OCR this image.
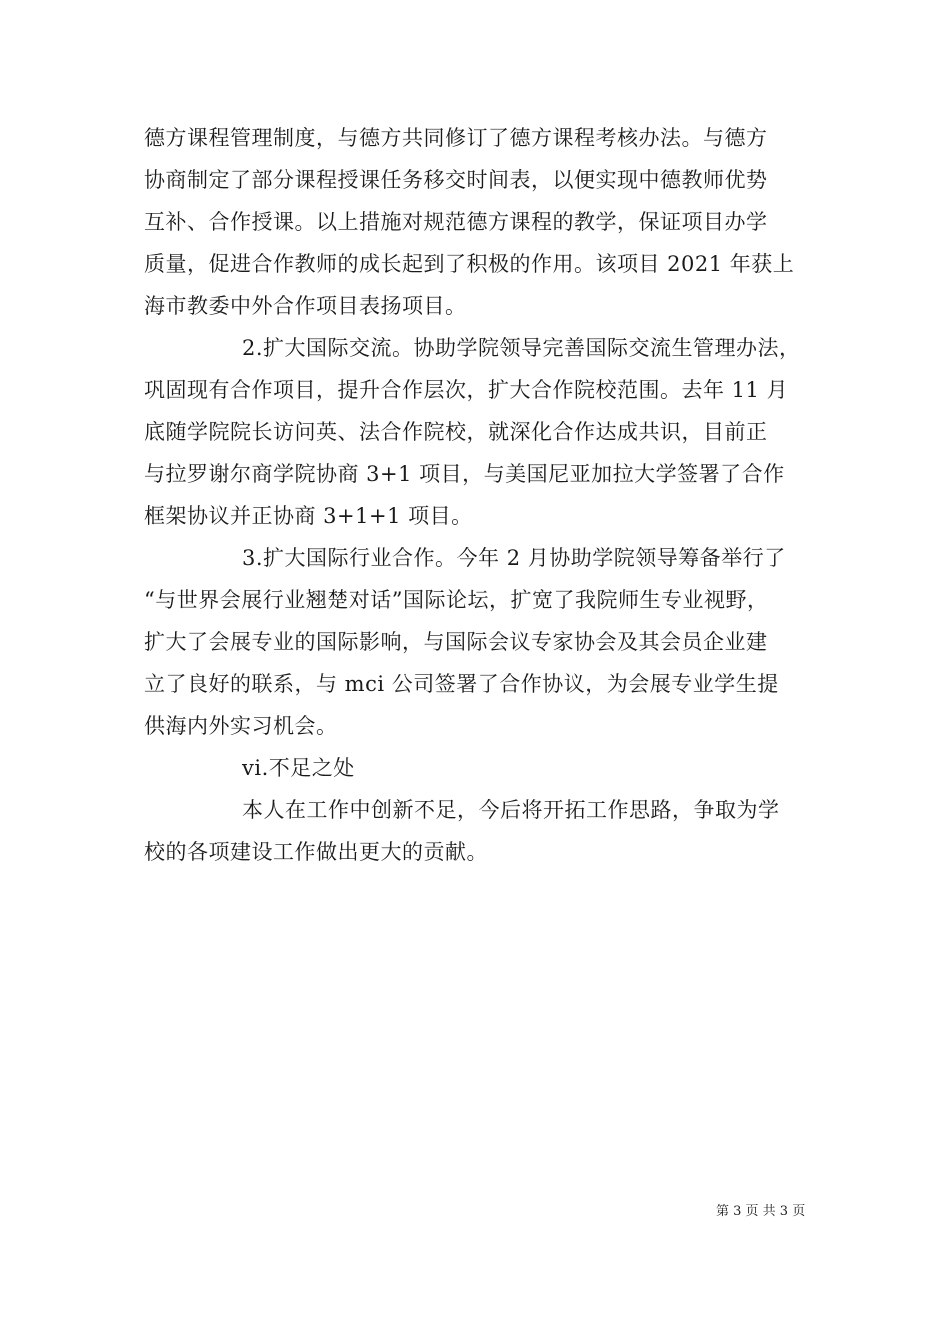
德方课程管理制度，与德方共同修订了德方课程考核办法。与德方
协商制定了部分课程授课任务移交时间表，以便实现中德教师优势
互补、合作授课。以上措施对规范德方课程的教学，保证项目办学
质量，促进合作教师的成长起到了积极的作用。该项目 2021 年获上
海市教委中外合作项目表扬项目。
2.扩大国际交流。协助学院领导完善国际交流生管理办法，
巩固现有合作项目，提升合作层次，扩大合作院校范围。去年 11 月
底随学院院长访问英、法合作院校，就深化合作达成共识，目前正
与拉罗谢尔商学院协商 3+1 项目，与美国尼亚加拉大学签署了合作
框架协议并正协商 3+1+1 项目。
3.扩大国际行业合作。今年 2 月协助学院领导筹备举行了
“与世界会展行业翘楚对话”国际论坛，扩宽了我院师生专业视野，
扩大了会展专业的国际影响，与国际会议专家协会及其会员企业建
立了良好的联系，与 mci 公司签署了合作协议，为会展专业学生提
供海内外实习机会。
vi.不足之处
本人在工作中创新不足，今后将开拓工作思路，争取为学
校的各项建设工作做出更大的贡献。
第 3 页 共 3 页
